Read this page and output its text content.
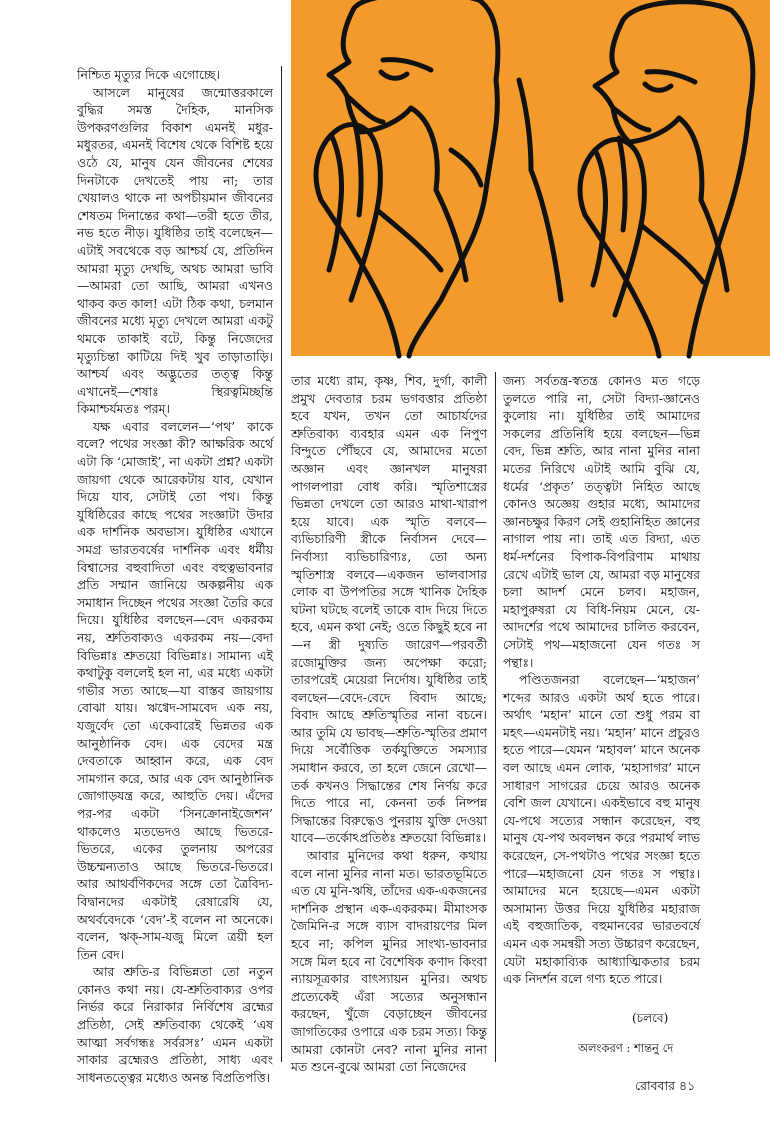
নিশ্চিত মৃত্যুর দিকে এগোচ্ছে।

আসলে মানুষের জন্মোত্তরকালে বুদ্ধির সমস্ত দৈহিক, মানসিক উপকরণগুলির বিকাশ এমনই মধুর-মধুরতর, এমনই বিশেষ থেকে বিশিষ্ট হয়ে ওঠে যে, মানুষ যেন জীবনের শেষের দিনটাকে দেখতেই পায় না; তার খেয়ালও থাকে না অপচীয়মান জীবনের শেষতম দিনান্তের কথা—তরী হতে তীর, নভ হতে নীড়। যুধিষ্ঠির তাই বলেছেন—এটাই সবথেকে বড় আশ্চর্য যে, প্রতিদিন আমরা মৃত্যু দেখছি, অথচ আমরা ভাবি—আমরা তো আছি, আমরা এখনও থাকব কত কাল! এটা ঠিক কথা, চলমান জীবনের মধ্যে মৃত্যু দেখলে আমরা একটু থমকে তাকাই বটে, কিন্তু নিজেদের মৃত্যুচিন্তা কাটিয়ে দিই খুব তাড়াতাড়ি। আশ্চর্য এবং অদ্ভুতের তত্ত্ব কিন্তু এখানেই—শেষাঃ স্থিরত্বমিচ্ছন্তি কিমাশ্চর্যমতঃ পরম্।

যক্ষ এবার বললেন—‘পথ’ কাকে বলে? পথের সংজ্ঞা কী? আক্ষরিক অর্থে এটা কি ‘মোজাই’, না একটা প্রশ্ন? একটা জায়গা থেকে আরেকটায় যাব, যেখান দিয়ে যাব, সেটাই তো পথ। কিন্তু যুধিষ্ঠিরের কাছে পথের সংজ্ঞাটা উদার এক দার্শনিক অবভাস। যুধিষ্ঠির এখানে সমগ্র ভারতবর্ষের দার্শনিক এবং ধর্মীয় বিশ্বাসের বহুবাদিতা এবং বহুত্বভাবনার প্রতি সম্মান জানিয়ে অকল্পনীয় এক সমাধান দিচ্ছেন পথের সংজ্ঞা তৈরি করে দিয়ে। যুধিষ্ঠির বলছেন—বেদ একরকম নয়, শ্রুতিবাক্যও একরকম নয়—বেদা বিভিন্নাঃ শ্রুতয়ো বিভিন্নাঃ। সামান্য এই কথাটুকু বললেই হল না, এর মধ্যে একটা গভীর সত্য আছে—যা বাস্তব জায়গায় বোঝা যায়। ঋগ্বেদ-সামবেদ এক নয়, যজুর্বেদ তো একেবারেই ভিন্নতর এক আনুষ্ঠানিক বেদ। এক বেদের মন্ত্র দেবতাকে আহ্বান করে, এক বেদ সামগান করে, আর এক বেদ আনুষ্ঠানিক জোগাড়যন্ত্র করে, আহুতি দেয়। এঁদের পর-পর একটা ‘সিনক্রোনাইজেশন’ থাকলেও মতভেদও আছে ভিতরে-ভিতরে, একের তুলনায় অপরের উচ্চম্মন্যতাও আছে ভিতরে-ভিতরে। আর আথর্বণিকদের সঙ্গে তো ত্রৈবিদ্য-বিদ্বানদের একটাই রেষারেষি যে, অথর্ববেদকে ‘বেদ’-ই বলেন না অনেকে। বলেন, ঋক্-সাম-যজু মিলে ত্রয়ী হল তিন বেদ।

আর শ্রুতি-র বিভিন্নতা তো নতুন কোনও কথা নয়। যে-শ্রুতিবাক্যর ওপর নির্ভর করে নিরাকার নির্বিশেষ ব্রহ্মের প্রতিষ্ঠা, সেই শ্রুতিবাক্য থেকেই ‘এষ আত্মা সর্বগন্ধঃ সর্বরসঃ’ এমন একটা সাকার ব্রহ্মেরও প্রতিষ্ঠা, সাধ্য এবং সাধনতত্ত্বের মধ্যেও অনন্ত বিপ্রতিপত্তি।

তার মধ্যে রাম, কৃষ্ণ, শিব, দুর্গা, কালী প্রমুখ দেবতার চরম ভগবত্তার প্রতিষ্ঠা হবে যখন, তখন তো আচার্যদের শ্রুতিবাক্য ব্যবহার এমন এক নিপুণ বিন্দুতে পৌঁছবে যে, আমাদের মতো অজ্ঞান এবং জ্ঞানখল মানুষরা পাগলপারা বোধ করি। স্মৃতিশাস্ত্রের ভিন্নতা দেখলে তো আরও মাথা-খারাপ হয়ে যাবে। এক স্মৃতি বলবে—ব্যভিচারিণী স্ত্রীকে নির্বাসন দেবে—নির্বাস্যা ব্যভিচারিণ্যঃ, তো অন্য স্মৃতিশাস্ত্র বলবে—একজন ভালবাসার লোক বা উপপতির সঙ্গে খানিক দৈহিক ঘটনা ঘটছে বলেই তাকে বাদ দিয়ে দিতে হবে, এমন কথা নেই; ওতে কিছুই হবে না—ন স্ত্রী দুষ্যতি জারেণ—পরবর্তী রজোমুক্তির জন্য অপেক্ষা করো; তারপরেই মেয়েরা নির্দোষ। যুধিষ্ঠির তাই বলছেন—বেদে-বেদে বিবাদ আছে; বিবাদ আছে শ্রুতিস্মৃতির নানা বচনে। আর তুমি যে ভাবছ—শ্রুতি-স্মৃতির প্রমাণ দিয়ে সর্বৌত্তিক তর্কযুক্তিতে সমস্যার সমাধান করবে, তা হলে জেনে রেখো—তর্ক কখনও সিদ্ধান্তের শেষ নির্ণয় করে দিতে পারে না, কেননা তর্ক নিষ্পন্ন সিদ্ধান্তের বিরুদ্ধেও পুনরায় যুক্তি দেওয়া যাবে—তর্কোঽপ্রতিষ্ঠঃ শ্রুতয়ো বিভিন্নাঃ।

আবার মুনিদের কথা ধরুন, কথায় বলে নানা মুনির নানা মত। ভারতভূমিতে এত যে মুনি-ঋষি, তাঁদের এক-একজনের দার্শনিক প্রস্থান এক-একরকম। মীমাংসক জৈমিনি-র সঙ্গে ব্যাস বাদরায়ণের মিল হবে না; কপিল মুনির সাংখ্য-ভাবনার সঙ্গে মিল হবে না বৈশেষিক কণাদ কিংবা ন্যায়সূত্রকার বাৎস্যায়ন মুনির। অথচ প্রত্যেকেই এঁরা সত্যের অনুসন্ধান করছেন, খুঁজে বেড়াচ্ছেন জীবনের জাগতিকের ওপারে এক চরম সত্য। কিন্তু আমরা কোনটা নেব? নানা মুনির নানা মত শুনে-বুঝে আমরা তো নিজেদের

জন্য সর্বতন্ত্র-স্বতন্ত্র কোনও মত গড়ে তুলতে পারি না, সেটা বিদ্যা-জ্ঞানেও কুলোয় না। যুধিষ্ঠির তাই আমাদের সকলের প্রতিনিধি হয়ে বলছেন—ভিন্ন বেদ, ভিন্ন শ্রুতি, আর নানা মুনির নানা মতের নিরিখে এটাই আমি বুঝি যে, ধর্মের ‘প্রকৃত’ তত্ত্বটা নিহিত আছে কোনও অজ্ঞেয় গুহার মধ্যে, আমাদের জ্ঞানচক্ষুর কিরণ সেই গুহানিহিত জ্ঞানের নাগাল পায় না। তাই এত বিদ্যা, এত ধর্ম-দর্শনের বিপাক-বিপরিণাম মাথায় রেখে এটাই ভাল যে, আমরা বড় মানুষের চলা আদর্শ মেনে চলব। মহাজন, মহাপুরুষরা যে বিধি-নিয়ম মেনে, যে-আদর্শের পথে আমাদের চালিত করবেন, সেটাই পথ—মহাজনো যেন গতঃ স পন্থাঃ।

পণ্ডিতজনরা বলেছেন—‘মহাজন’ শব্দের আরও একটা অর্থ হতে পারে। অর্থাৎ ‘মহান’ মানে তো শুধু পরম বা মহৎ—এমনটাই নয়। ‘মহান’ মানে প্রচুরও হতে পারে—যেমন ‘মহাবল’ মানে অনেক বল আছে এমন লোক, ‘মহাসাগর’ মানে সাধারণ সাগরের চেয়ে আরও অনেক বেশি জল যেখানে। একইভাবে বহু মানুষ যে-পথে সত্যের সন্ধান করেছেন, বহু মানুষ যে-পথ অবলম্বন করে পরমার্থ লাভ করেছেন, সে-পথটাও পথের সংজ্ঞা হতে পারে—মহাজনো যেন গতঃ স পন্থাঃ। আমাদের মনে হয়েছে—এমন একটা অসামান্য উত্তর দিয়ে যুধিষ্ঠির মহারাজ এই বহুজাতিক, বহুমানবের ভারতবর্ষে এমন এক সমন্বয়ী সত্য উচ্চারণ করেছেন, যেটা মহাকাব্যিক আধ্যাত্মিকতার চরম এক নিদর্শন বলে গণ্য হতে পারে।

(চলবে)
অলংকরণ : শান্তনু দে
রোববার ৪১
